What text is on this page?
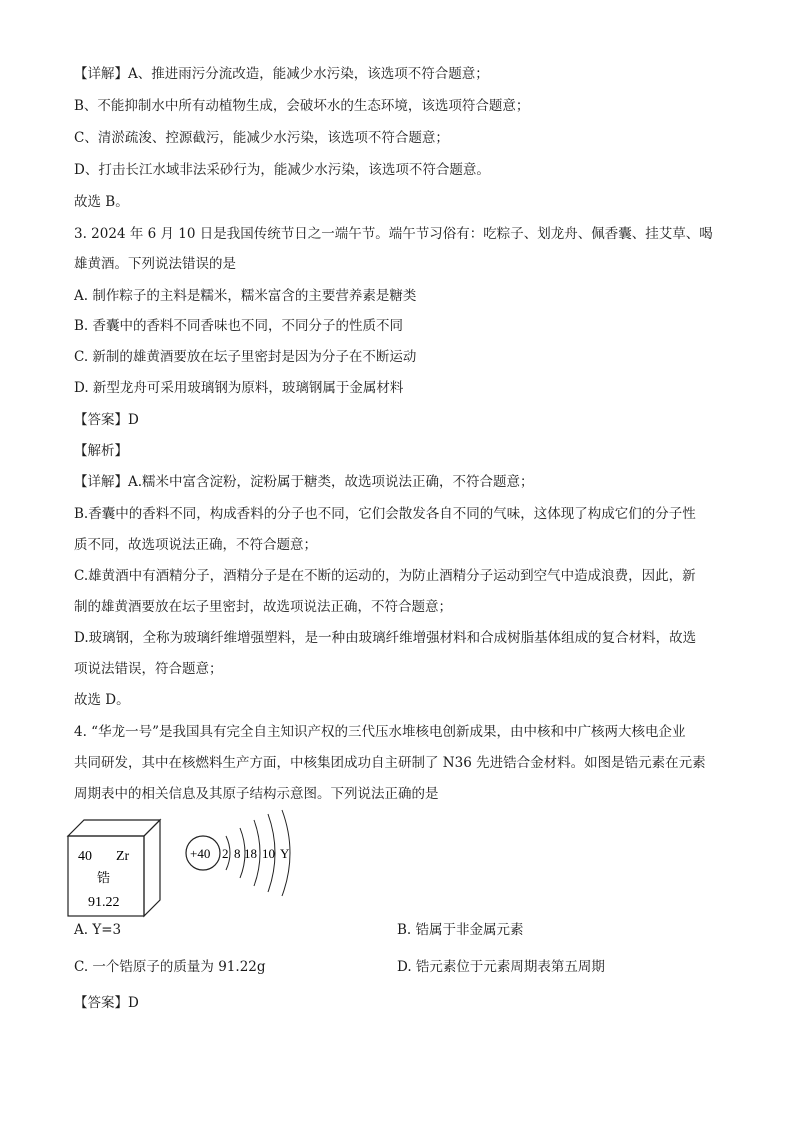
【详解】A、推进雨污分流改造，能减少水污染，该选项不符合题意；
B、不能抑制水中所有动植物生成，会破坏水的生态环境，该选项符合题意；
C、清淤疏浚、控源截污，能减少水污染，该选项不符合题意；
D、打击长江水域非法采砂行为，能减少水污染，该选项不符合题意。
故选 B。
3. 2024 年 6 月 10 日是我国传统节日之一端午节。端午节习俗有：吃粽子、划龙舟、佩香囊、挂艾草、喝
雄黄酒。下列说法错误的是
A. 制作粽子的主料是糯米，糯米富含的主要营养素是糖类
B. 香囊中的香料不同香味也不同，不同分子的性质不同
C. 新制的雄黄酒要放在坛子里密封是因为分子在不断运动
D. 新型龙舟可采用玻璃钢为原料，玻璃钢属于金属材料
【答案】D
【解析】
【详解】A.糯米中富含淀粉，淀粉属于糖类，故选项说法正确，不符合题意；
B.香囊中的香料不同，构成香料的分子也不同，它们会散发各自不同的气味，这体现了构成它们的分子性
质不同，故选项说法正确，不符合题意；
C.雄黄酒中有酒精分子，酒精分子是在不断的运动的，为防止酒精分子运动到空气中造成浪费，因此，新
制的雄黄酒要放在坛子里密封，故选项说法正确，不符合题意；
D.玻璃钢，全称为玻璃纤维增强塑料，是一种由玻璃纤维增强材料和合成树脂基体组成的复合材料，故选
项说法错误，符合题意；
故选 D。
4. “华龙一号”是我国具有完全自主知识产权的三代压水堆核电创新成果，由中核和中广核两大核电企业
共同研发，其中在核燃料生产方面，中核集团成功自主研制了 N36 先进锆合金材料。如图是锆元素在元素
周期表中的相关信息及其原子结构示意图。下列说法正确的是
40 Zr
锆
91.22
+40 2 8 18 10 Y
A. Y=3	B. 锆属于非金属元素
C. 一个锆原子的质量为 91.22g	D. 锆元素位于元素周期表第五周期
【答案】D
